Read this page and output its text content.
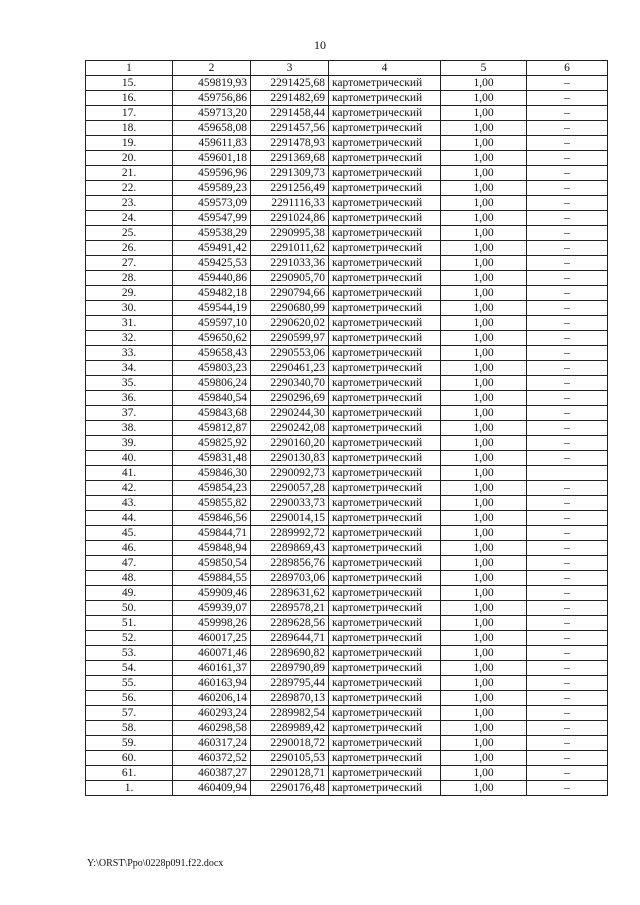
10
1	2	3	4	5	6
15.	459819,93	2291425,68	картометрический	1,00	–
16.	459756,86	2291482,69	картометрический	1,00	–
17.	459713,20	2291458,44	картометрический	1,00	–
18.	459658,08	2291457,56	картометрический	1,00	–
19.	459611,83	2291478,93	картометрический	1,00	–
20.	459601,18	2291369,68	картометрический	1,00	–
21.	459596,96	2291309,73	картометрический	1,00	–
22.	459589,23	2291256,49	картометрический	1,00	–
23.	459573,09	2291116,33	картометрический	1,00	–
24.	459547,99	2291024,86	картометрический	1,00	–
25.	459538,29	2290995,38	картометрический	1,00	–
26.	459491,42	2291011,62	картометрический	1,00	–
27.	459425,53	2291033,36	картометрический	1,00	–
28.	459440,86	2290905,70	картометрический	1,00	–
29.	459482,18	2290794,66	картометрический	1,00	–
30.	459544,19	2290680,99	картометрический	1,00	–
31.	459597,10	2290620,02	картометрический	1,00	–
32.	459650,62	2290599,97	картометрический	1,00	–
33.	459658,43	2290553,06	картометрический	1,00	–
34.	459803,23	2290461,23	картометрический	1,00	–
35.	459806,24	2290340,70	картометрический	1,00	–
36.	459840,54	2290296,69	картометрический	1,00	–
37.	459843,68	2290244,30	картометрический	1,00	–
38.	459812,87	2290242,08	картометрический	1,00	–
39.	459825,92	2290160,20	картометрический	1,00	–
40.	459831,48	2290130,83	картометрический	1,00	–
41.	459846,30	2290092,73	картометрический	1,00	
42.	459854,23	2290057,28	картометрический	1,00	–
43.	459855,82	2290033,73	картометрический	1,00	–
44.	459846,56	2290014,15	картометрический	1,00	–
45.	459844,71	2289992,72	картометрический	1,00	–
46.	459848,94	2289869,43	картометрический	1,00	–
47.	459850,54	2289856,76	картометрический	1,00	–
48.	459884,55	2289703,06	картометрический	1,00	–
49.	459909,46	2289631,62	картометрический	1,00	–
50.	459939,07	2289578,21	картометрический	1,00	–
51.	459998,26	2289628,56	картометрический	1,00	–
52.	460017,25	2289644,71	картометрический	1,00	–
53.	460071,46	2289690,82	картометрический	1,00	–
54.	460161,37	2289790,89	картометрический	1,00	–
55.	460163,94	2289795,44	картометрический	1,00	–
56.	460206,14	2289870,13	картометрический	1,00	–
57.	460293,24	2289982,54	картометрический	1,00	–
58.	460298,58	2289989,42	картометрический	1,00	–
59.	460317,24	2290018,72	картометрический	1,00	–
60.	460372,52	2290105,53	картометрический	1,00	–
61.	460387,27	2290128,71	картометрический	1,00	–
1.	460409,94	2290176,48	картометрический	1,00	–
Y:\ORST\Ppo\0228p091.f22.docx
